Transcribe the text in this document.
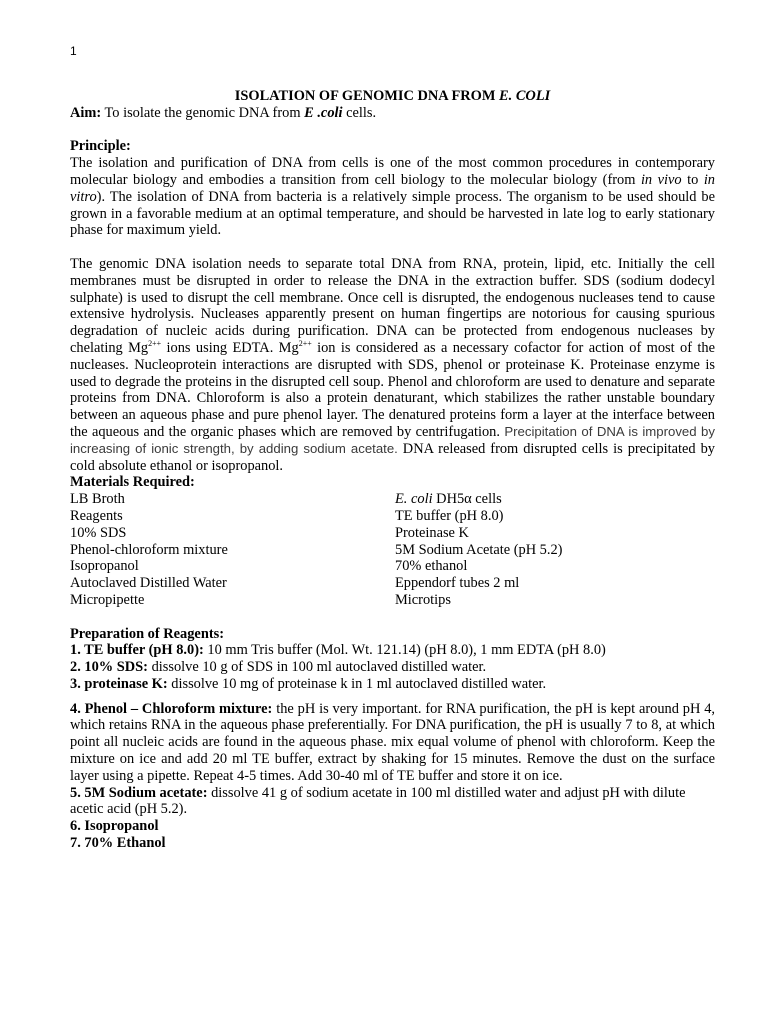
1

ISOLATION OF GENOMIC DNA FROM E. COLI

Aim: To isolate the genomic DNA from E .coli cells.

Principle:

The isolation and purification of DNA from cells is one of the most common procedures in contemporary molecular biology and embodies a transition from cell biology to the molecular biology (from in vivo to in vitro). The isolation of DNA from bacteria is a relatively simple process. The organism to be used should be grown in a favorable medium at an optimal temperature, and should be harvested in late log to early stationary phase for maximum yield.

The genomic DNA isolation needs to separate total DNA from RNA, protein, lipid, etc. Initially the cell membranes must be disrupted in order to release the DNA in the extraction buffer. SDS (sodium dodecyl sulphate) is used to disrupt the cell membrane. Once cell is disrupted, the endogenous nucleases tend to cause extensive hydrolysis. Nucleases apparently present on human fingertips are notorious for causing spurious degradation of nucleic acids during purification. DNA can be protected from endogenous nucleases by chelating $Mg^{2++}$ ions using EDTA. $Mg^{2++}$ ion is considered as a necessary cofactor for action of most of the nucleases. Nucleoprotein interactions are disrupted with SDS, phenol or proteinase K. Proteinase enzyme is used to degrade the proteins in the disrupted cell soup. Phenol and chloroform are used to denature and separate proteins from DNA. Chloroform is also a protein denaturant, which stabilizes the rather unstable boundary between an aqueous phase and pure phenol layer. The denatured proteins form a layer at the interface between the aqueous and the organic phases which are removed by centrifugation. Precipitation of DNA is improved by increasing of ionic strength, by adding sodium acetate. DNA released from disrupted cells is precipitated by cold absolute ethanol or isopropanol.

Materials Required:

LB Broth	E. coli DH5α cells
Reagents	TE buffer (pH 8.0)
10% SDS	Proteinase K
Phenol-chloroform mixture	5M Sodium Acetate (pH 5.2)
Isopropanol	70% ethanol
Autoclaved Distilled Water	Eppendorf tubes 2 ml
Micropipette	Microtips

Preparation of Reagents:

1. TE buffer (pH 8.0): 10 mm Tris buffer (Mol. Wt. 121.14) (pH 8.0), 1 mm EDTA (pH 8.0)

2. 10% SDS: dissolve 10 g of SDS in 100 ml autoclaved distilled water.

3. proteinase K: dissolve 10 mg of proteinase k in 1 ml autoclaved distilled water.

4. Phenol – Chloroform mixture: the pH is very important. for RNA purification, the pH is kept around pH 4, which retains RNA in the aqueous phase preferentially. For DNA purification, the pH is usually 7 to 8, at which point all nucleic acids are found in the aqueous phase. mix equal volume of phenol with chloroform. Keep the mixture on ice and add 20 ml TE buffer, extract by shaking for 15 minutes. Remove the dust on the surface layer using a pipette. Repeat 4-5 times. Add 30-40 ml of TE buffer and store it on ice.

5. 5M Sodium acetate: dissolve 41 g of sodium acetate in 100 ml distilled water and adjust pH with dilute acetic acid (pH 5.2).

6. Isopropanol

7. 70% Ethanol
